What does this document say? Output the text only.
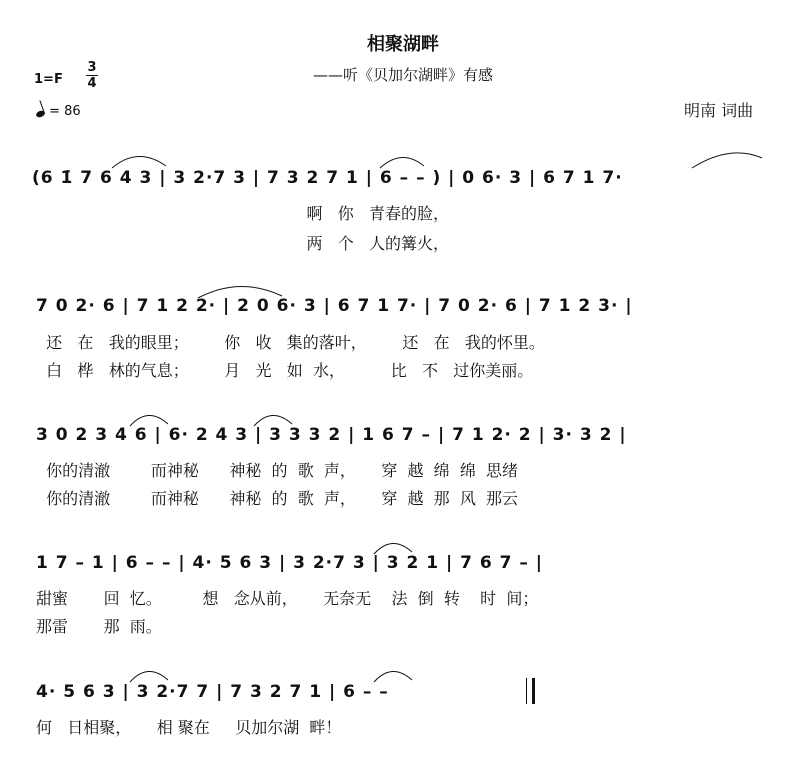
相聚湖畔
——听《贝加尔湖畔》有感
1=F
3
4
= 86	明南 词曲
(6 1̇ 7 6 4 3 | 3 2·7 3 | 7 3 2 7 1 | 6 – – ) | 0 6· 3 | 6 7 1 7·
啊   你   青春的脸，
两   个   人的篝火，
7 0 2· 6 | 7 1 2 2· | 2 0 6· 3 | 6 7 1 7· | 7 0 2· 6 | 7 1 2 3· |
还   在   我的眼里；       你   收   集的落叶，       还   在   我的怀里。
白   桦   林的气息；       月   光   如  水，         比   不   过你美丽。
3 0 2 3 4 6 | 6· 2 4 3 | 3 3 3 2 | 1 6 7 – | 7 1 2· 2 | 3· 3 2 |
你的清澈        而神秘      神秘  的  歌  声，     穿  越  绵  绵  思绪
你的清澈        而神秘      神秘  的  歌  声，     穿  越  那  风  那云
1 7 – 1 | 6 – – | 4· 5 6 3 | 3 2·7 3 | 3 2 1 | 7 6 7 – |
甜蜜       回  忆。        想   念从前，     无奈无    法  倒  转    时  间；
那雷       那  雨。
4· 5 6 3 | 3 2·7 7 | 7 3 2 7 1 | 6 – –
何   日相聚，     相 聚在     贝加尔湖  畔！
